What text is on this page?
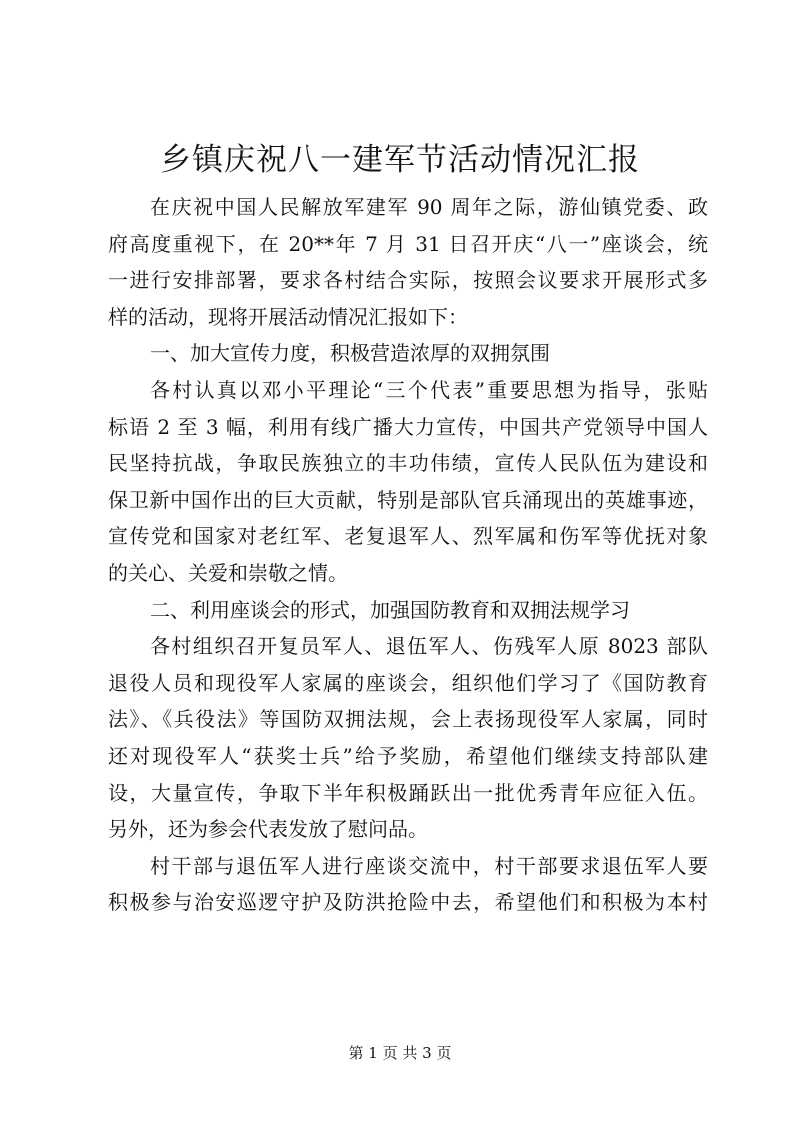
乡镇庆祝八一建军节活动情况汇报
在庆祝中国人民解放军建军 90 周年之际，游仙镇党委、政
府高度重视下，在 20**年 7 月 31 日召开庆“八一”座谈会，统
一进行安排部署，要求各村结合实际，按照会议要求开展形式多
样的活动，现将开展活动情况汇报如下：
一、加大宣传力度，积极营造浓厚的双拥氛围
各村认真以邓小平理论“三个代表”重要思想为指导，张贴
标语 2 至 3 幅，利用有线广播大力宣传，中国共产党领导中国人
民坚持抗战，争取民族独立的丰功伟绩，宣传人民队伍为建设和
保卫新中国作出的巨大贡献，特别是部队官兵涌现出的英雄事迹，
宣传党和国家对老红军、老复退军人、烈军属和伤军等优抚对象
的关心、关爱和崇敬之情。
二、利用座谈会的形式，加强国防教育和双拥法规学习
各村组织召开复员军人、退伍军人、伤残军人原 8023 部队
退役人员和现役军人家属的座谈会，组织他们学习了《国防教育
法》、《兵役法》等国防双拥法规，会上表扬现役军人家属，同时
还对现役军人“获奖士兵”给予奖励，希望他们继续支持部队建
设，大量宣传，争取下半年积极踊跃出一批优秀青年应征入伍。
另外，还为参会代表发放了慰问品。
村干部与退伍军人进行座谈交流中，村干部要求退伍军人要
积极参与治安巡逻守护及防洪抢险中去，希望他们和积极为本村
第 1 页 共 3 页
